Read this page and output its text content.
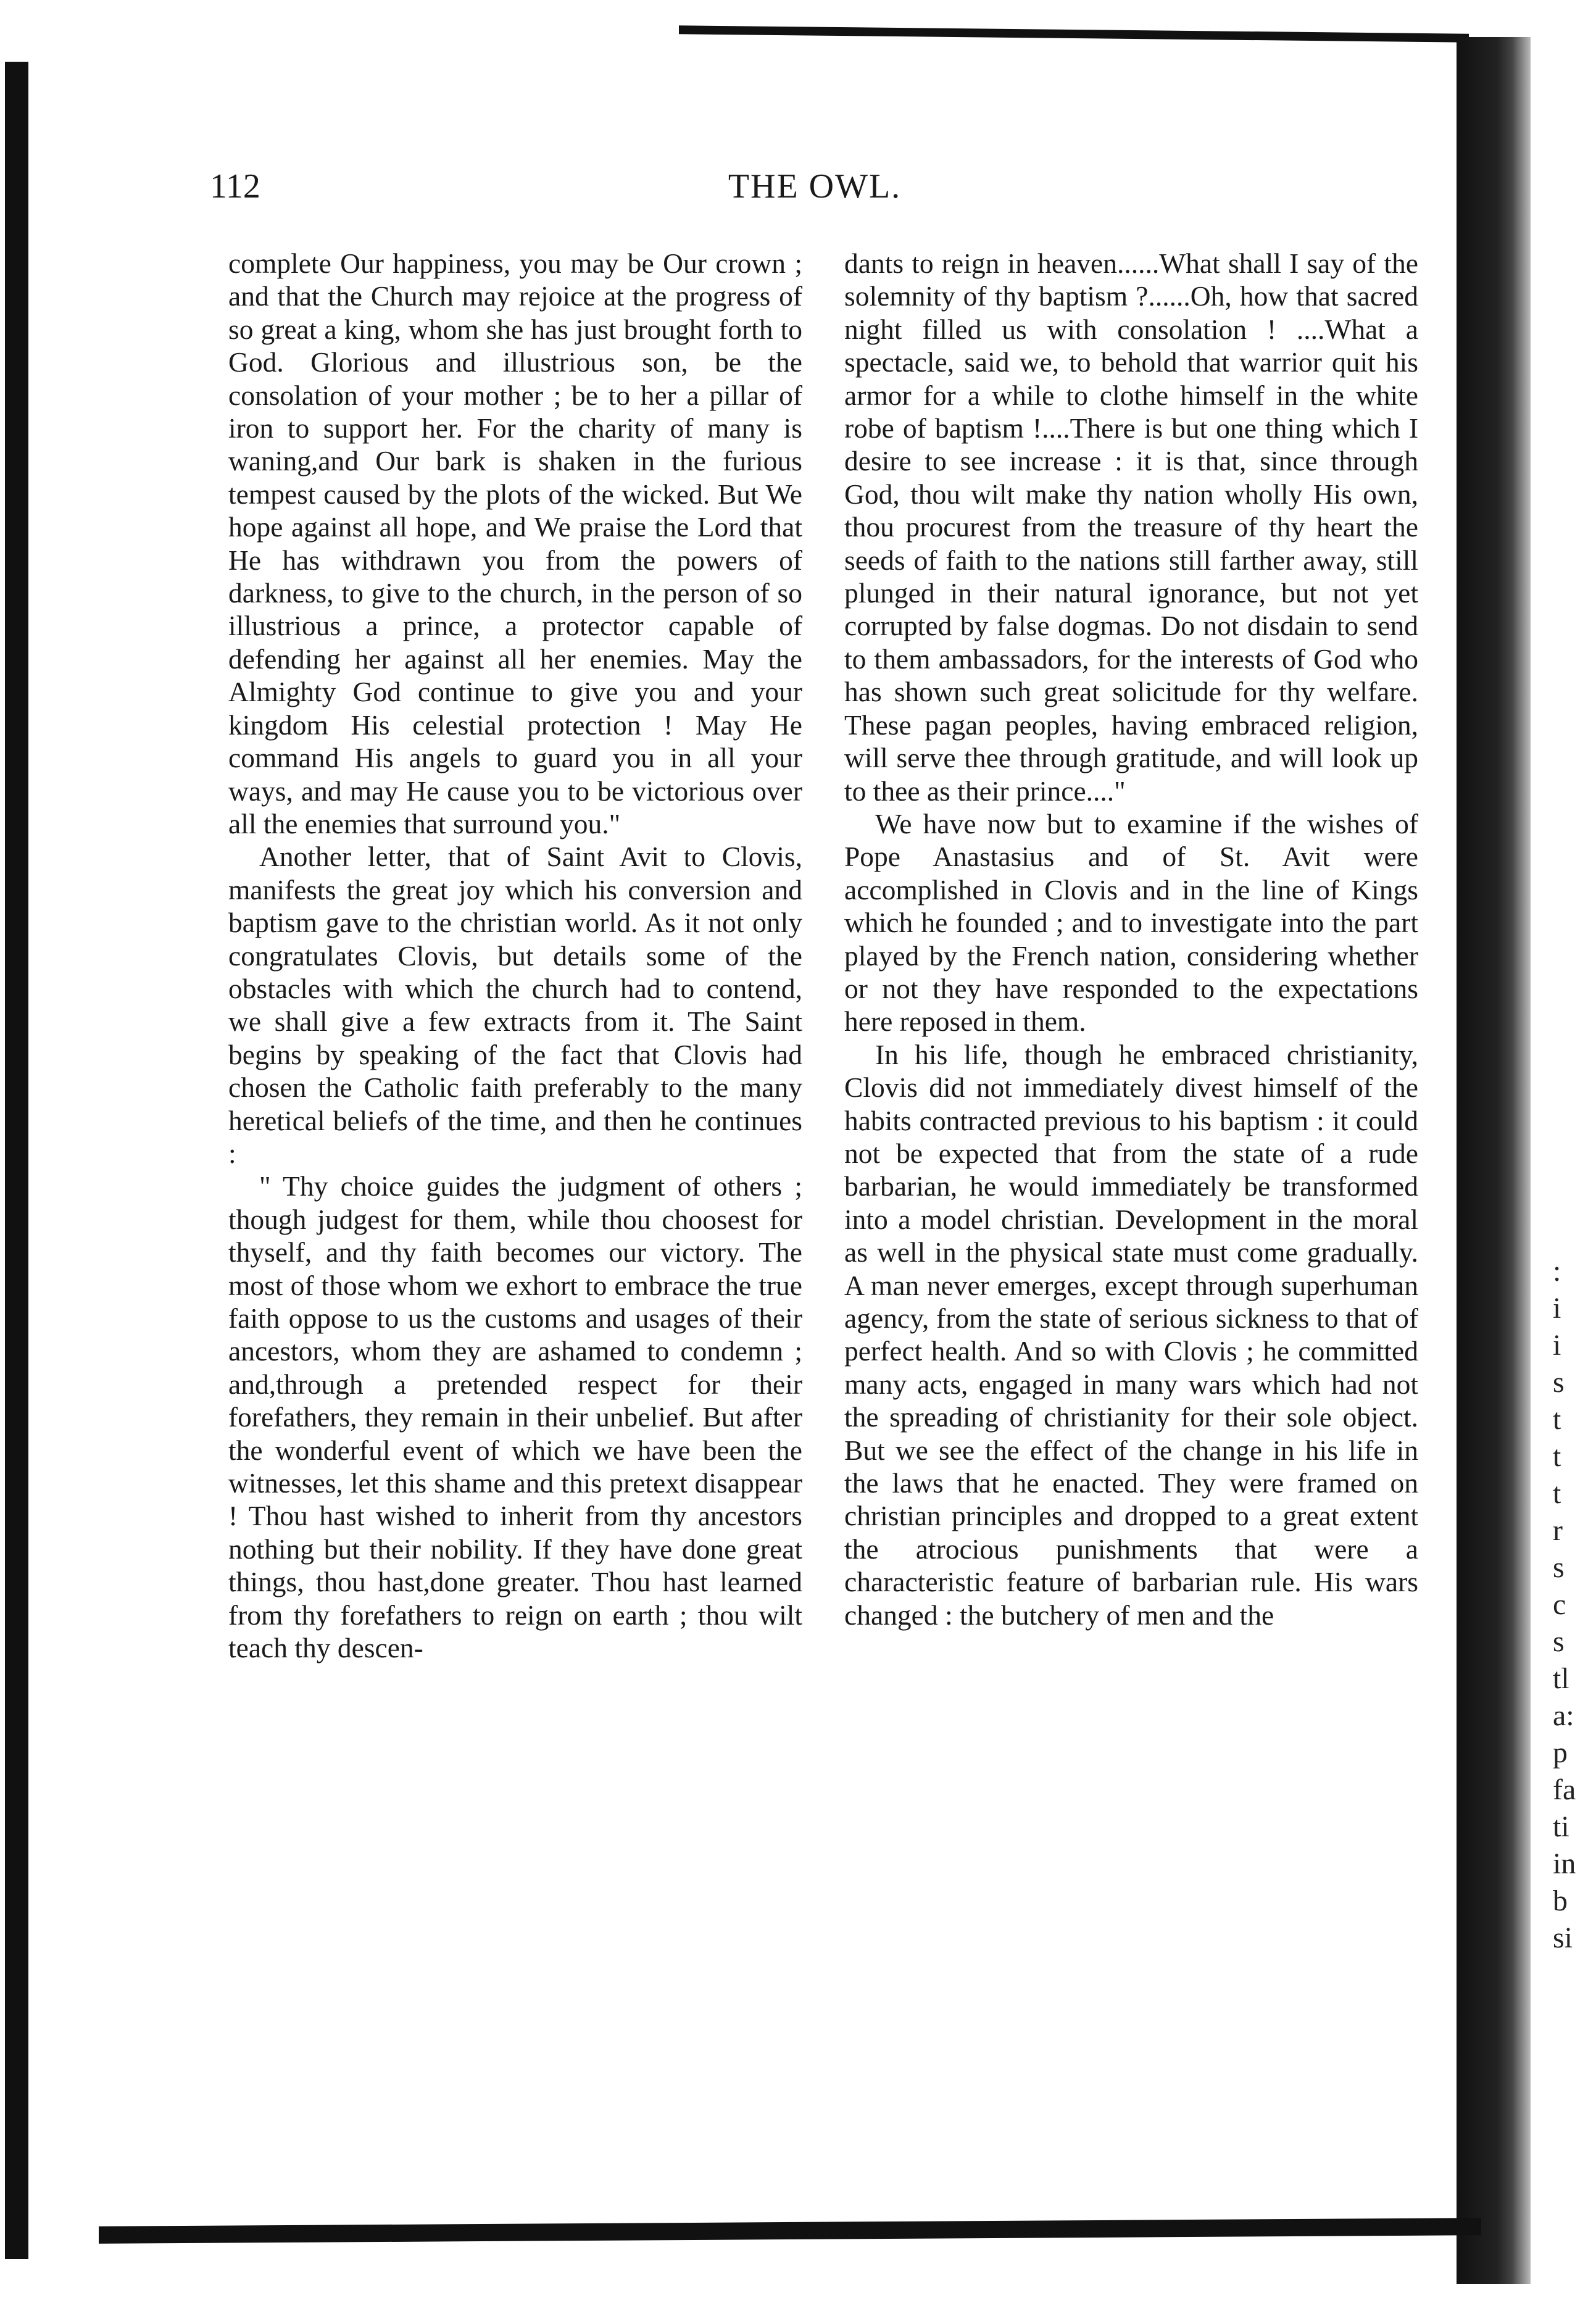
112	THE OWL.

complete Our happiness, you may be Our crown ; and that the Church may rejoice at the progress of so great a king, whom she has just brought forth to God. Glorious and illustrious son, be the consolation of your mother ; be to her a pillar of iron to support her. For the charity of many is waning,and Our bark is shaken in the furious tempest caused by the plots of the wicked. But We hope against all hope, and We praise the Lord that He has withdrawn you from the powers of darkness, to give to the church, in the person of so illustrious a prince, a protector capable of defending her against all her enemies. May the Almighty God continue to give you and your kingdom His celestial protection ! May He command His angels to guard you in all your ways, and may He cause you to be victorious over all the enemies that surround you."

Another letter, that of Saint Avit to Clovis, manifests the great joy which his conversion and baptism gave to the christian world. As it not only congratulates Clovis, but details some of the obstacles with which the church had to contend, we shall give a few extracts from it. The Saint begins by speaking of the fact that Clovis had chosen the Catholic faith preferably to the many heretical beliefs of the time, and then he continues :

" Thy choice guides the judgment of others ; though judgest for them, while thou choosest for thyself, and thy faith becomes our victory. The most of those whom we exhort to embrace the true faith oppose to us the customs and usages of their ancestors, whom they are ashamed to condemn ; and,through a pretended respect for their forefathers, they remain in their unbelief. But after the wonderful event of which we have been the witnesses, let this shame and this pretext disappear ! Thou hast wished to inherit from thy ancestors nothing but their nobility. If they have done great things, thou hast,done greater. Thou hast learned from thy forefathers to reign on earth ; thou wilt teach thy descen-

dants to reign in heaven......What shall I say of the solemnity of thy baptism ?......Oh, how that sacred night filled us with consolation ! ....What a spectacle, said we, to behold that warrior quit his armor for a while to clothe himself in the white robe of baptism !....There is but one thing which I desire to see increase : it is that, since through God, thou wilt make thy nation wholly His own, thou procurest from the treasure of thy heart the seeds of faith to the nations still farther away, still plunged in their natural ignorance, but not yet corrupted by false dogmas. Do not disdain to send to them ambassadors, for the interests of God who has shown such great solicitude for thy welfare. These pagan peoples, having embraced religion, will serve thee through gratitude, and will look up to thee as their prince...."

We have now but to examine if the wishes of Pope Anastasius and of St. Avit were accomplished in Clovis and in the line of Kings which he founded ; and to investigate into the part played by the French nation, considering whether or not they have responded to the expectations here reposed in them.

In his life, though he embraced christianity, Clovis did not immediately divest himself of the habits contracted previous to his baptism : it could not be expected that from the state of a rude barbarian, he would immediately be transformed into a model christian. Development in the moral as well in the physical state must come gradually. A man never emerges, except through superhuman agency, from the state of serious sickness to that of perfect health. And so with Clovis ; he committed many acts, engaged in many wars which had not the spreading of christianity for their sole object. But we see the effect of the change in his life in the laws that he enacted. They were framed on christian principles and dropped to a great extent the atrocious punishments that were a characteristic feature of barbarian rule. His wars changed : the butchery of men and the

:
i
i
s
t
t
t
r
s
c
s
tl
a:
p
fa
ti
in
b
si
